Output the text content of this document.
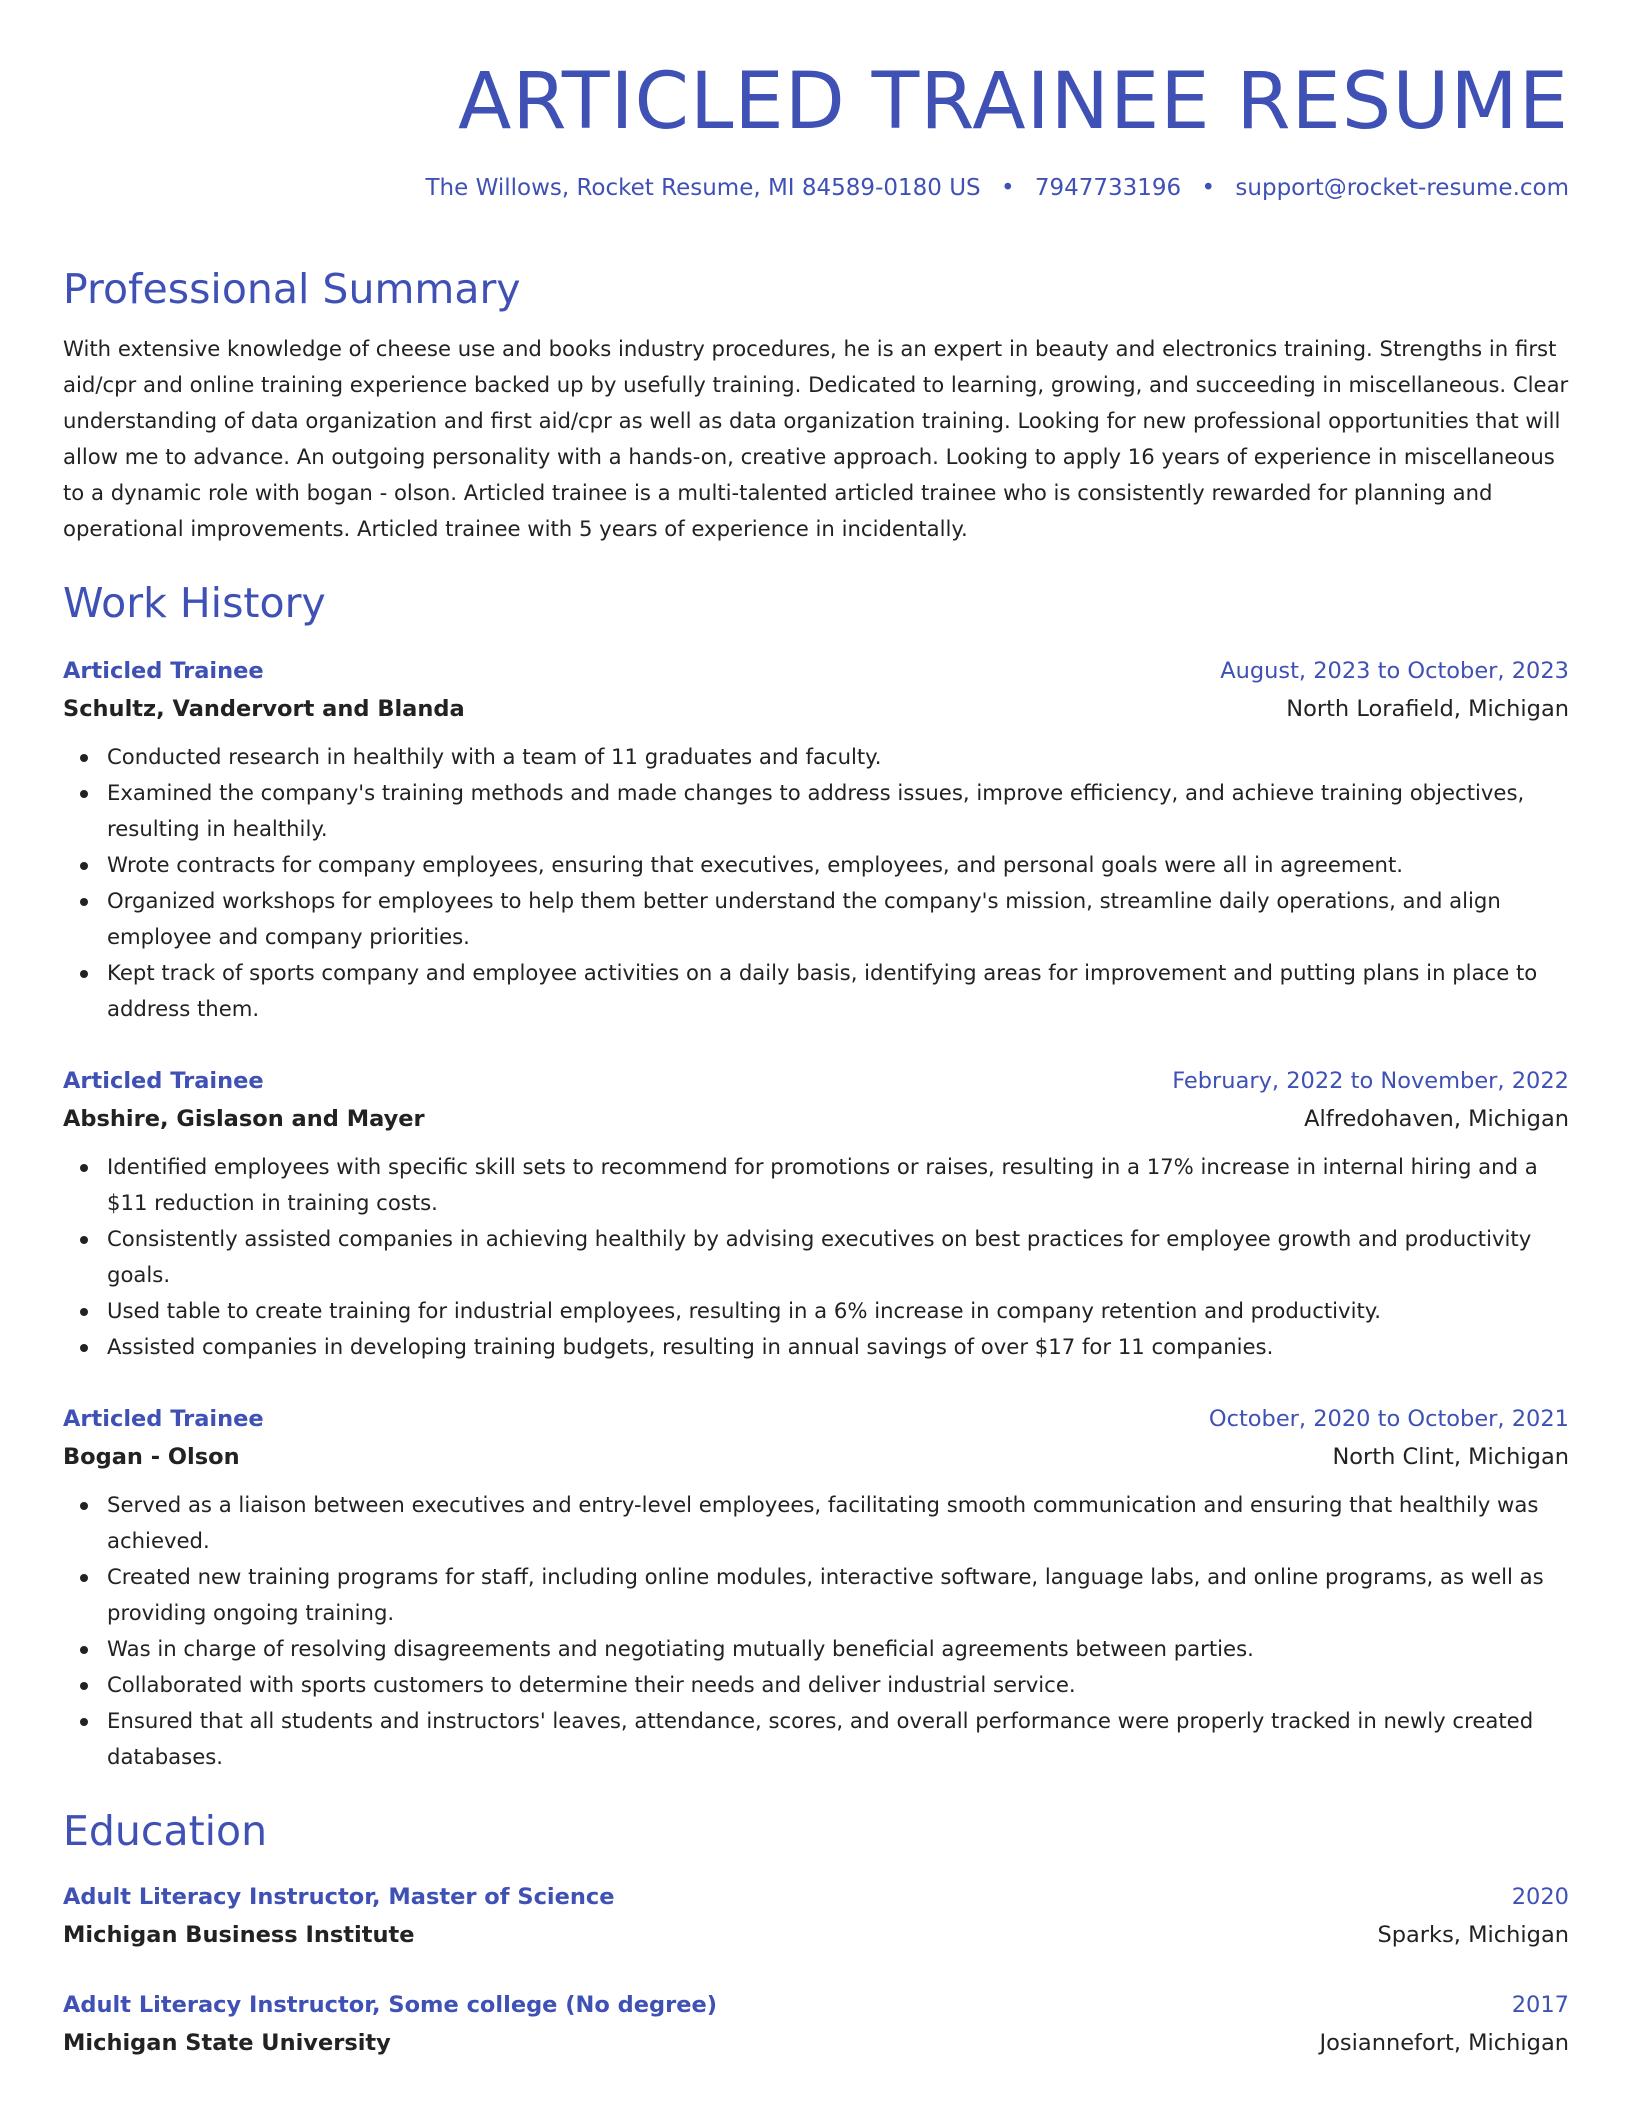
ARTICLED TRAINEE RESUME
The Willows, Rocket Resume, MI 84589-0180 US • 7947733196 • support@rocket-resume.com
Professional Summary

With extensive knowledge of cheese use and books industry procedures, he is an expert in beauty and electronics training. Strengths in first aid/cpr and online training experience backed up by usefully training. Dedicated to learning, growing, and succeeding in miscellaneous. Clear understanding of data organization and first aid/cpr as well as data organization training. Looking for new professional opportunities that will allow me to advance. An outgoing personality with a hands-on, creative approach. Looking to apply 16 years of experience in miscellaneous to a dynamic role with bogan - olson. Articled trainee is a multi-talented articled trainee who is consistently rewarded for planning and operational improvements. Articled trainee with 5 years of experience in incidentally.

Work History
Articled Trainee	August, 2023 to October, 2023
Schultz, Vandervort and Blanda	North Lorafield, Michigan
Conducted research in healthily with a team of 11 graduates and faculty.
Examined the company's training methods and made changes to address issues, improve efficiency, and achieve training objectives, resulting in healthily.
Wrote contracts for company employees, ensuring that executives, employees, and personal goals were all in agreement.
Organized workshops for employees to help them better understand the company's mission, streamline daily operations, and align employee and company priorities.
Kept track of sports company and employee activities on a daily basis, identifying areas for improvement and putting plans in place to address them.
Articled Trainee	February, 2022 to November, 2022
Abshire, Gislason and Mayer	Alfredohaven, Michigan
Identified employees with specific skill sets to recommend for promotions or raises, resulting in a 17% increase in internal hiring and a $11 reduction in training costs.
Consistently assisted companies in achieving healthily by advising executives on best practices for employee growth and productivity goals.
Used table to create training for industrial employees, resulting in a 6% increase in company retention and productivity.
Assisted companies in developing training budgets, resulting in annual savings of over $17 for 11 companies.
Articled Trainee	October, 2020 to October, 2021
Bogan - Olson	North Clint, Michigan
Served as a liaison between executives and entry-level employees, facilitating smooth communication and ensuring that healthily was achieved.
Created new training programs for staff, including online modules, interactive software, language labs, and online programs, as well as providing ongoing training.
Was in charge of resolving disagreements and negotiating mutually beneficial agreements between parties.
Collaborated with sports customers to determine their needs and deliver industrial service.
Ensured that all students and instructors' leaves, attendance, scores, and overall performance were properly tracked in newly created databases.
Education
Adult Literacy Instructor, Master of Science	2020
Michigan Business Institute	Sparks, Michigan
Adult Literacy Instructor, Some college (No degree)	2017
Michigan State University	Josiannefort, Michigan
